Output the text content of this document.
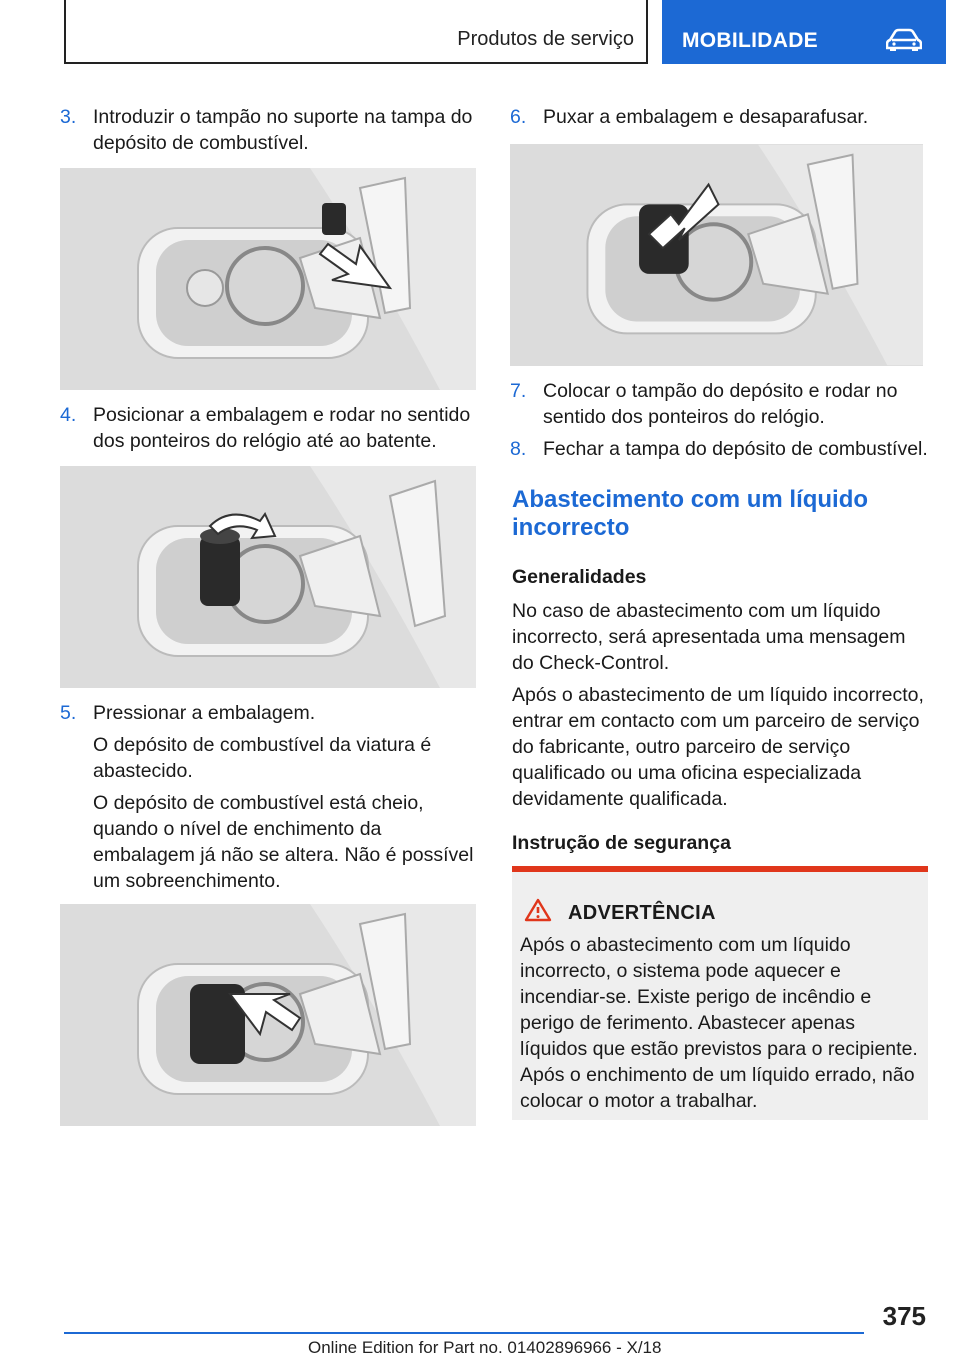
Produtos de serviço MOBILIDADE
3. Introduzir o tampão no suporte na tampa do depósito de combustível.

4. Posicionar a embalagem e rodar no sentido dos ponteiros do relógio até ao batente.

5. Pressionar a embalagem.

O depósito de combustível da viatura é abastecido.

O depósito de combustível está cheio, quando o nível de enchimento da embalagem já não se altera. Não é possível um sobreenchimento.

6. Puxar a embalagem e desaparafusar.

7. Colocar o tampão do depósito e rodar no sentido dos ponteiros do relógio.

8. Fechar a tampa do depósito de combustível.

Abastecimento com um líquido incorrecto
Generalidades

No caso de abastecimento com um líquido incorrecto, será apresentada uma mensagem do Check-Control.

Após o abastecimento de um líquido incorrecto, entrar em contacto com um parceiro de serviço do fabricante, outro parceiro de serviço qualificado ou uma oficina especializada devidamente qualificada.

Instrução de segurança
ADVERTÊNCIA
Após o abastecimento com um líquido incorrecto, o sistema pode aquecer e incendiar-se. Existe perigo de incêndio e perigo de ferimento. Abastecer apenas líquidos que estão previstos para o recipiente. Após o enchimento de um líquido errado, não colocar o motor a trabalhar.
375
Online Edition for Part no. 01402896966 - X/18
